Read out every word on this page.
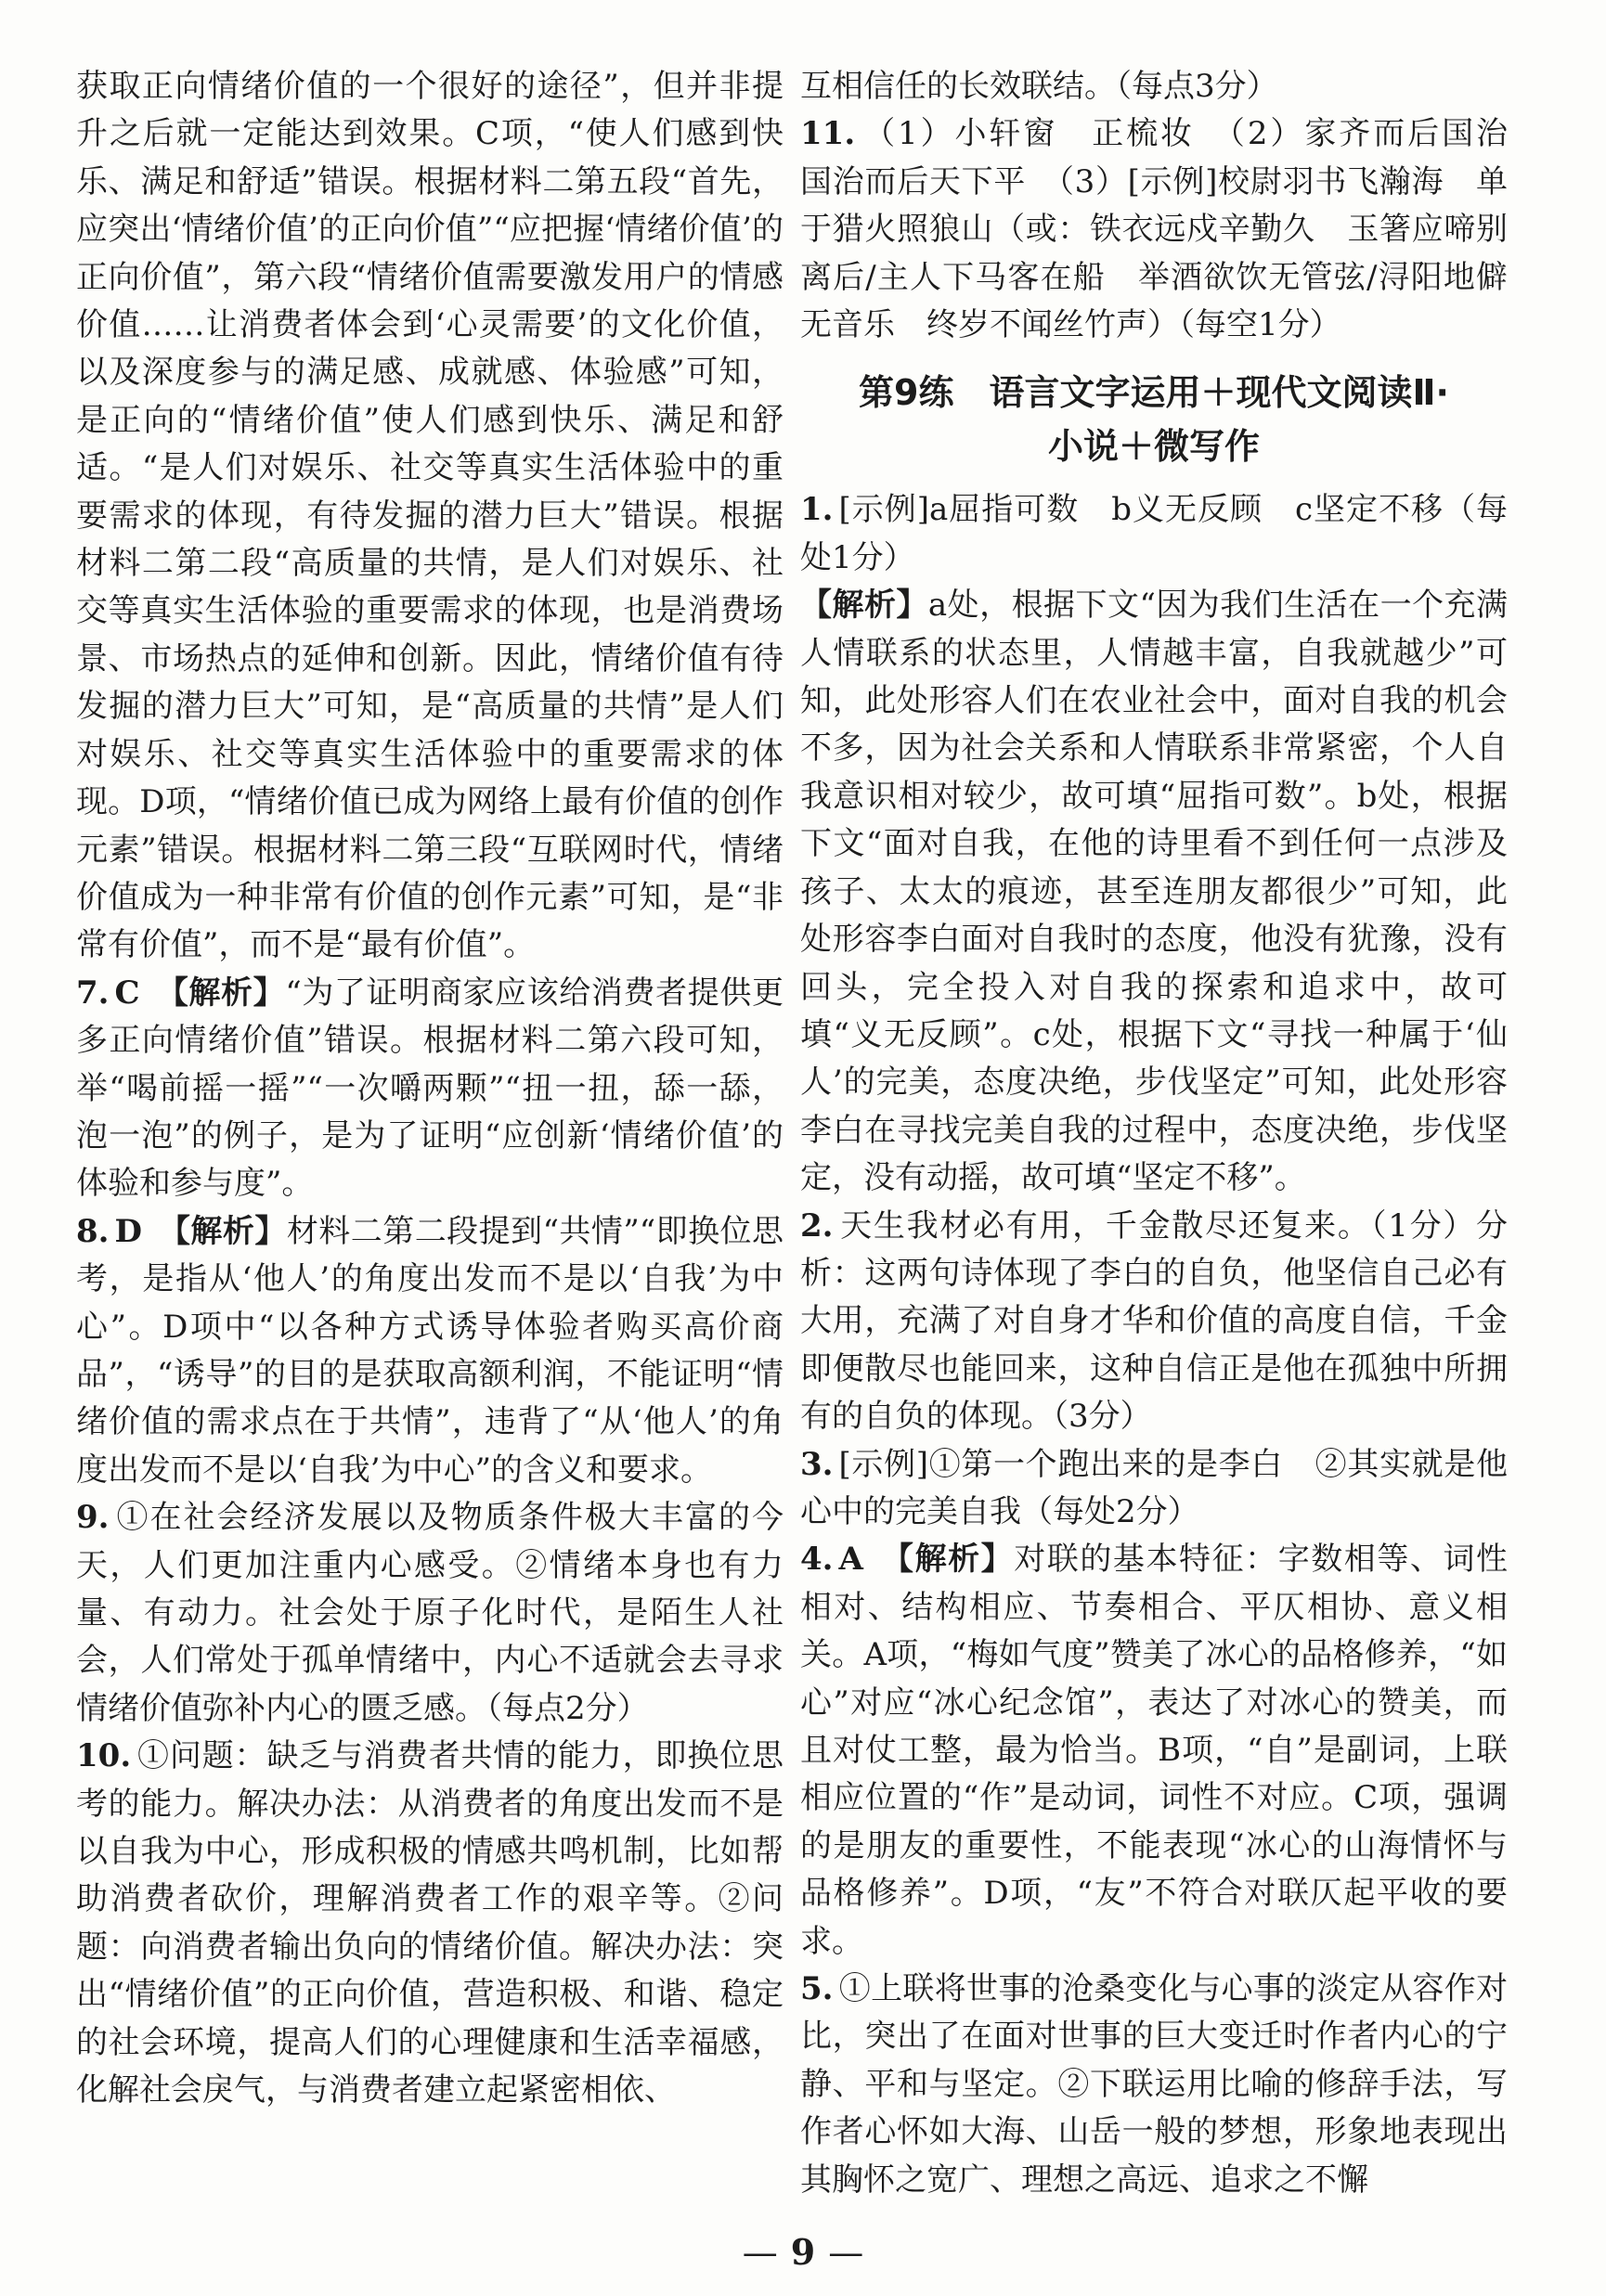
获取正向情绪价值的一个很好的途径”，但并非提升之后就一定能达到效果。C项，“使人们感到快乐、满足和舒适”错误。根据材料二第五段“首先，应突出‘情绪价值’的正向价值”“应把握‘情绪价值’的正向价值”，第六段“情绪价值需要激发用户的情感价值……让消费者体会到‘心灵需要’的文化价值，以及深度参与的满足感、成就感、体验感”可知，是正向的“情绪价值”使人们感到快乐、满足和舒适。“是人们对娱乐、社交等真实生活体验中的重要需求的体现，有待发掘的潜力巨大”错误。根据材料二第二段“高质量的共情，是人们对娱乐、社交等真实生活体验的重要需求的体现，也是消费场景、市场热点的延伸和创新。因此，情绪价值有待发掘的潜力巨大”可知，是“高质量的共情”是人们对娱乐、社交等真实生活体验中的重要需求的体现。D项，“情绪价值已成为网络上最有价值的创作元素”错误。根据材料二第三段“互联网时代，情绪价值成为一种非常有价值的创作元素”可知，是“非常有价值”，而不是“最有价值”。

7. C　 【解析】“为了证明商家应该给消费者提供更多正向情绪价值”错误。根据材料二第六段可知，举“喝前摇一摇”“一次嚼两颗”“扭一扭，舔一舔，泡一泡”的例子，是为了证明“应创新‘情绪价值’的体验和参与度”。

8. D　 【解析】材料二第二段提到“共情”“即换位思考，是指从‘他人’的角度出发而不是以‘自我’为中心”。D项中“以各种方式诱导体验者购买高价商品”，“诱导”的目的是获取高额利润，不能证明“情绪价值的需求点在于共情”，违背了“从‘他人’的角度出发而不是以‘自我’为中心”的含义和要求。

9. ①在社会经济发展以及物质条件极大丰富的今天，人们更加注重内心感受。②情绪本身也有力量、有动力。社会处于原子化时代，是陌生人社会，人们常处于孤单情绪中，内心不适就会去寻求情绪价值弥补内心的匮乏感。（每点2分）

10. ①问题：缺乏与消费者共情的能力，即换位思考的能力。解决办法：从消费者的角度出发而不是以自我为中心，形成积极的情感共鸣机制，比如帮助消费者砍价，理解消费者工作的艰辛等。②问题：向消费者输出负向的情绪价值。解决办法：突出“情绪价值”的正向价值，营造积极、和谐、稳定的社会环境，提高人们的心理健康和生活幸福感，化解社会戾气，与消费者建立起紧密相依、

互相信任的长效联结。（每点3分）

11. （1）小轩窗　正梳妆　（2）家齐而后国治　国治而后天下平　（3）[示例]校尉羽书飞瀚海　单于猎火照狼山（或：铁衣远戍辛勤久　玉箸应啼别离后/主人下马客在船　举酒欲饮无管弦/浔阳地僻无音乐　终岁不闻丝竹声）（每空1分）

第9练　语言文字运用＋现代文阅读Ⅱ·
小说＋微写作

1. [示例]a屈指可数　b义无反顾　c坚定不移（每处1分）

【解析】a处，根据下文“因为我们生活在一个充满人情联系的状态里，人情越丰富，自我就越少”可知，此处形容人们在农业社会中，面对自我的机会不多，因为社会关系和人情联系非常紧密，个人自我意识相对较少，故可填“屈指可数”。b处，根据下文“面对自我，在他的诗里看不到任何一点涉及孩子、太太的痕迹，甚至连朋友都很少”可知，此处形容李白面对自我时的态度，他没有犹豫，没有回头，完全投入对自我的探索和追求中，故可填“义无反顾”。c处，根据下文“寻找一种属于‘仙人’的完美，态度决绝，步伐坚定”可知，此处形容李白在寻找完美自我的过程中，态度决绝，步伐坚定，没有动摇，故可填“坚定不移”。

2. 天生我材必有用，千金散尽还复来。（1分）分析：这两句诗体现了李白的自负，他坚信自己必有大用，充满了对自身才华和价值的高度自信，千金即便散尽也能回来，这种自信正是他在孤独中所拥有的自负的体现。（3分）

3. [示例]①第一个跑出来的是李白　②其实就是他心中的完美自我（每处2分）

4. A　 【解析】对联的基本特征：字数相等、词性相对、结构相应、节奏相合、平仄相协、意义相关。A项，“梅如气度”赞美了冰心的品格修养，“如心”对应“冰心纪念馆”，表达了对冰心的赞美，而且对仗工整，最为恰当。B项，“自”是副词，上联相应位置的“作”是动词，词性不对应。C项，强调的是朋友的重要性，不能表现“冰心的山海情怀与品格修养”。D项，“友”不符合对联仄起平收的要求。

5. ①上联将世事的沧桑变化与心事的淡定从容作对比，突出了在面对世事的巨大变迁时作者内心的宁静、平和与坚定。②下联运用比喻的修辞手法，写作者心怀如大海、山岳一般的梦想，形象地表现出其胸怀之宽广、理想之高远、追求之不懈

— 9 —
